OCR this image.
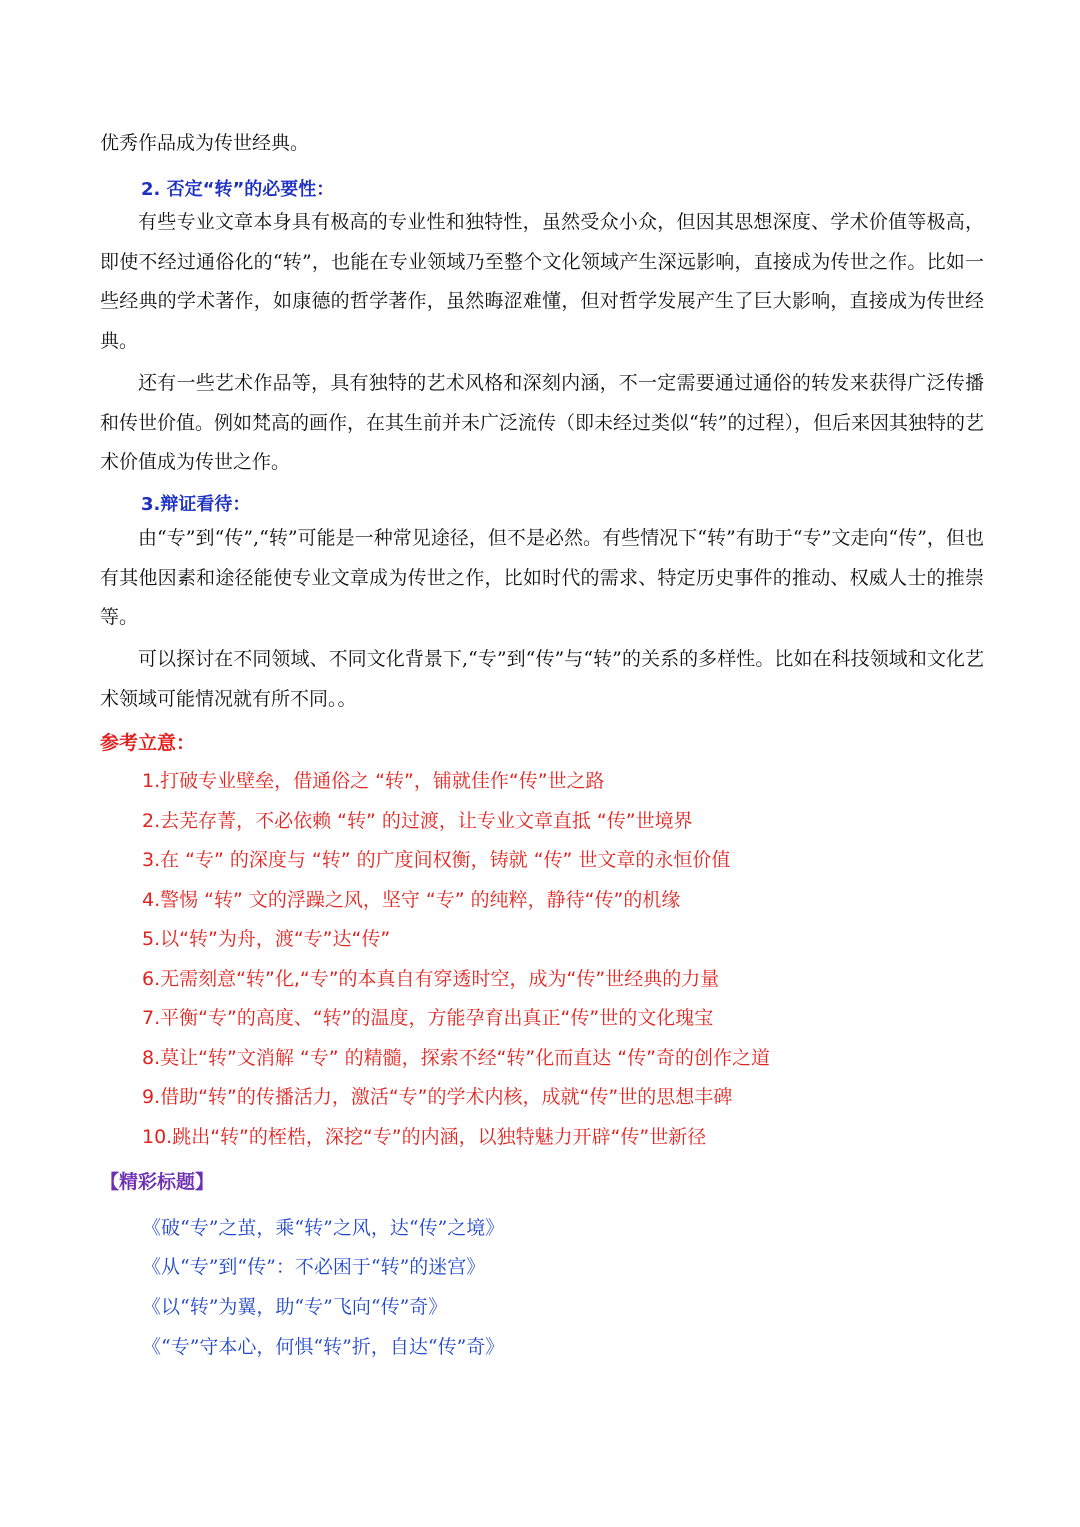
优秀作品成为传世经典。

2. 否定“转”的必要性：

有些专业文章本身具有极高的专业性和独特性，虽然受众小众，但因其思想深度、学术价值等极高，即使不经过通俗化的“转”，也能在专业领域乃至整个文化领域产生深远影响，直接成为传世之作。比如一些经典的学术著作，如康德的哲学著作，虽然晦涩难懂，但对哲学发展产生了巨大影响，直接成为传世经典。

还有一些艺术作品等，具有独特的艺术风格和深刻内涵，不一定需要通过通俗的转发来获得广泛传播和传世价值。例如梵高的画作，在其生前并未广泛流传（即未经过类似“转”的过程），但后来因其独特的艺术价值成为传世之作。

3.辩证看待：

由“专”到“传”,“转”可能是一种常见途径，但不是必然。有些情况下“转”有助于“专”文走向“传”，但也有其他因素和途径能使专业文章成为传世之作，比如时代的需求、特定历史事件的推动、权威人士的推崇等。

可以探讨在不同领域、不同文化背景下,“专”到“传”与“转”的关系的多样性。比如在科技领域和文化艺术领域可能情况就有所不同。。

参考立意：

1.打破专业壁垒，借通俗之 “转”，铺就佳作“传”世之路

2.去芜存菁，不必依赖 “转” 的过渡，让专业文章直抵 “传”世境界

3.在 “专” 的深度与 “转” 的广度间权衡，铸就 “传” 世文章的永恒价值

4.警惕 “转” 文的浮躁之风，坚守 “专” 的纯粹，静待“传”的机缘

5.以“转”为舟，渡“专”达“传”

6.无需刻意“转”化,“专”的本真自有穿透时空，成为“传”世经典的力量

7.平衡“专”的高度、“转”的温度，方能孕育出真正“传”世的文化瑰宝

8.莫让“转”文消解 “专” 的精髓，探索不经“转”化而直达 “传”奇的创作之道

9.借助“转”的传播活力，激活“专”的学术内核，成就“传”世的思想丰碑

10.跳出“转”的桎梏，深挖“专”的内涵，以独特魅力开辟“传”世新径

【精彩标题】

《破“专”之茧，乘“转”之风，达“传”之境》

《从“专”到“传”：不必困于“转”的迷宫》

《以“转”为翼，助“专”飞向“传”奇》

《“专”守本心，何惧“转”折，自达“传”奇》
